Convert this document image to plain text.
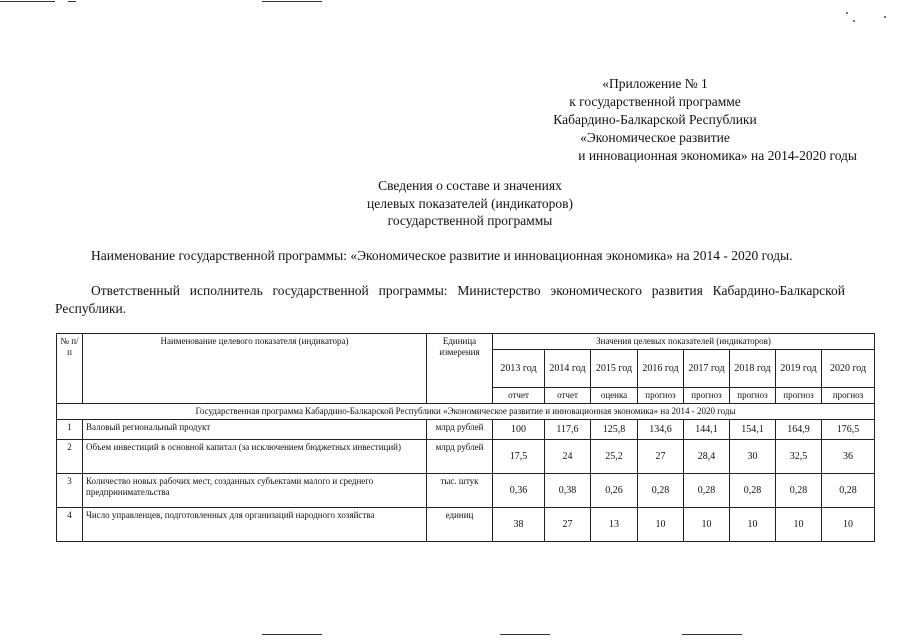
«Приложение № 1
к государственной программе
Кабардино-Балкарской Республики
«Экономическое развитие
и инновационная экономика» на 2014-2020 годы
Сведения о составе и значениях
целевых показателей (индикаторов)
государственной программы
Наименование государственной программы: «Экономическое развитие и инновационная экономика» на 2014 - 2020 годы.
Ответственный исполнитель государственной программы: Министерство экономического развития Кабардино-Балкарской Республики.
№ п/п	Наименование целевого показателя (индикатора)	Единица измерения	Значения целевых показателей (индикаторов)							
			2013 год	2014 год	2015 год	2016 год	2017 год	2018 год	2019 год	2020 год
			отчет	отчет	оценка	прогноз	прогноз	прогноз	прогноз	прогноз
Государственная программа Кабардино-Балкарской Республики «Экономическое развитие и инновационная экономика» на 2014 - 2020 годы										
1	Валовый региональный продукт	млрд рублей	100	117,6	125,8	134,6	144,1	154,1	164,9	176,5
2	Объем инвестиций в основной капитал (за исключением бюджетных инвестиций)	млрд рублей	17,5	24	25,2	27	28,4	30	32,5	36
3	Количество новых рабочих мест, созданных субъектами малого и среднего предпринимательства	тыс. штук	0,36	0,38	0,26	0,28	0,28	0,28	0,28	0,28
4	Число управленцев, подготовленных для организаций народного хозяйства	единиц	38	27	13	10	10	10	10	10
